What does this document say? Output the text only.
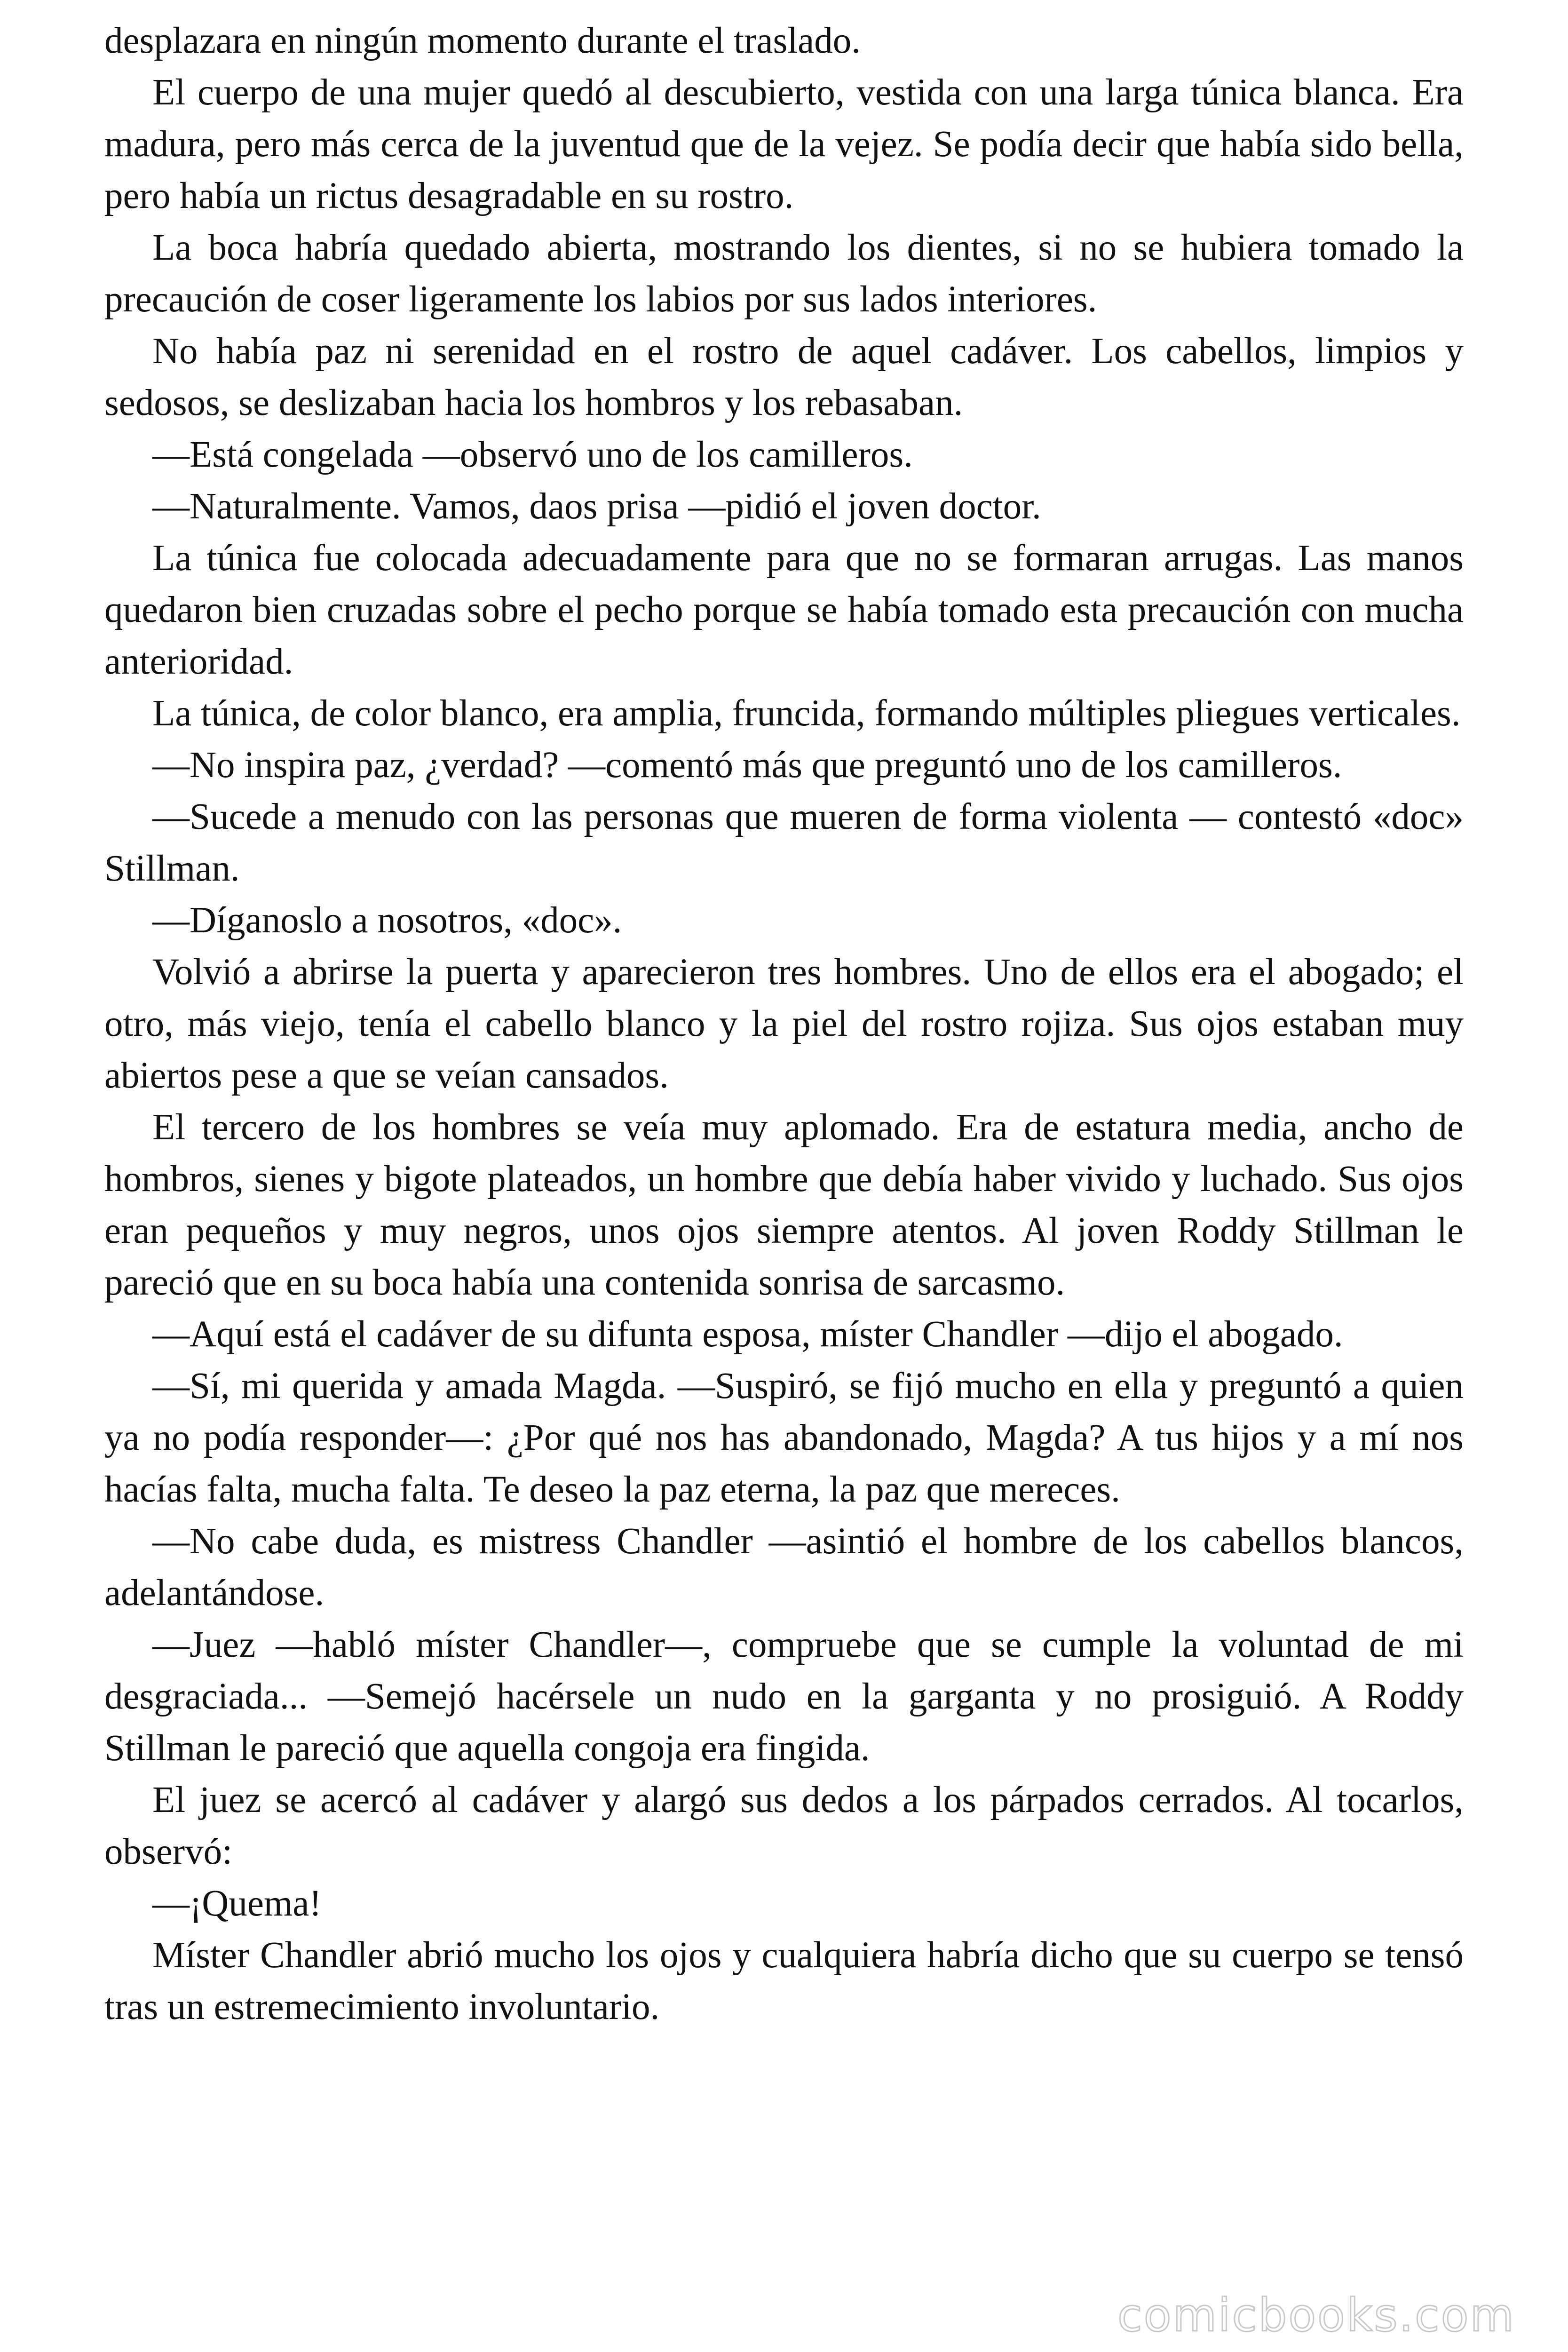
desplazara en ningún momento durante el traslado.

El cuerpo de una mujer quedó al descubierto, vestida con una larga túnica blanca. Era madura, pero más cerca de la juventud que de la vejez. Se podía decir que había sido bella, pero había un rictus desagradable en su rostro.

La boca habría quedado abierta, mostrando los dientes, si no se hubiera tomado la precaución de coser ligeramente los labios por sus lados interiores.

No había paz ni serenidad en el rostro de aquel cadáver. Los cabellos, limpios y sedosos, se deslizaban hacia los hombros y los rebasaban.

—Está congelada —observó uno de los camilleros.

—Naturalmente. Vamos, daos prisa —pidió el joven doctor.

La túnica fue colocada adecuadamente para que no se formaran arrugas. Las manos quedaron bien cruzadas sobre el pecho porque se había tomado esta precaución con mucha anterioridad.

La túnica, de color blanco, era amplia, fruncida, formando múltiples pliegues verticales.

—No inspira paz, ¿verdad? —comentó más que preguntó uno de los camilleros.

—Sucede a menudo con las personas que mueren de forma violenta — contestó «doc» Stillman.

—Díganoslo a nosotros, «doc».

Volvió a abrirse la puerta y aparecieron tres hombres. Uno de ellos era el abogado; el otro, más viejo, tenía el cabello blanco y la piel del rostro rojiza. Sus ojos estaban muy abiertos pese a que se veían cansados.

El tercero de los hombres se veía muy aplomado. Era de estatura media, ancho de hombros, sienes y bigote plateados, un hombre que debía haber vivido y luchado. Sus ojos eran pequeños y muy negros, unos ojos siempre atentos. Al joven Roddy Stillman le pareció que en su boca había una contenida sonrisa de sarcasmo.

—Aquí está el cadáver de su difunta esposa, míster Chandler —dijo el abogado.

—Sí, mi querida y amada Magda. —Suspiró, se fijó mucho en ella y preguntó a quien ya no podía responder—: ¿Por qué nos has abandonado, Magda? A tus hijos y a mí nos hacías falta, mucha falta. Te deseo la paz eterna, la paz que mereces.

—No cabe duda, es mistress Chandler —asintió el hombre de los cabellos blancos, adelantándose.

—Juez —habló míster Chandler—, compruebe que se cumple la voluntad de mi desgraciada... —Semejó hacérsele un nudo en la garganta y no prosiguió. A Roddy Stillman le pareció que aquella congoja era fingida.

El juez se acercó al cadáver y alargó sus dedos a los párpados cerrados. Al tocarlos, observó:

—¡Quema!

Míster Chandler abrió mucho los ojos y cualquiera habría dicho que su cuerpo se tensó tras un estremecimiento involuntario.

comicbooks.com
